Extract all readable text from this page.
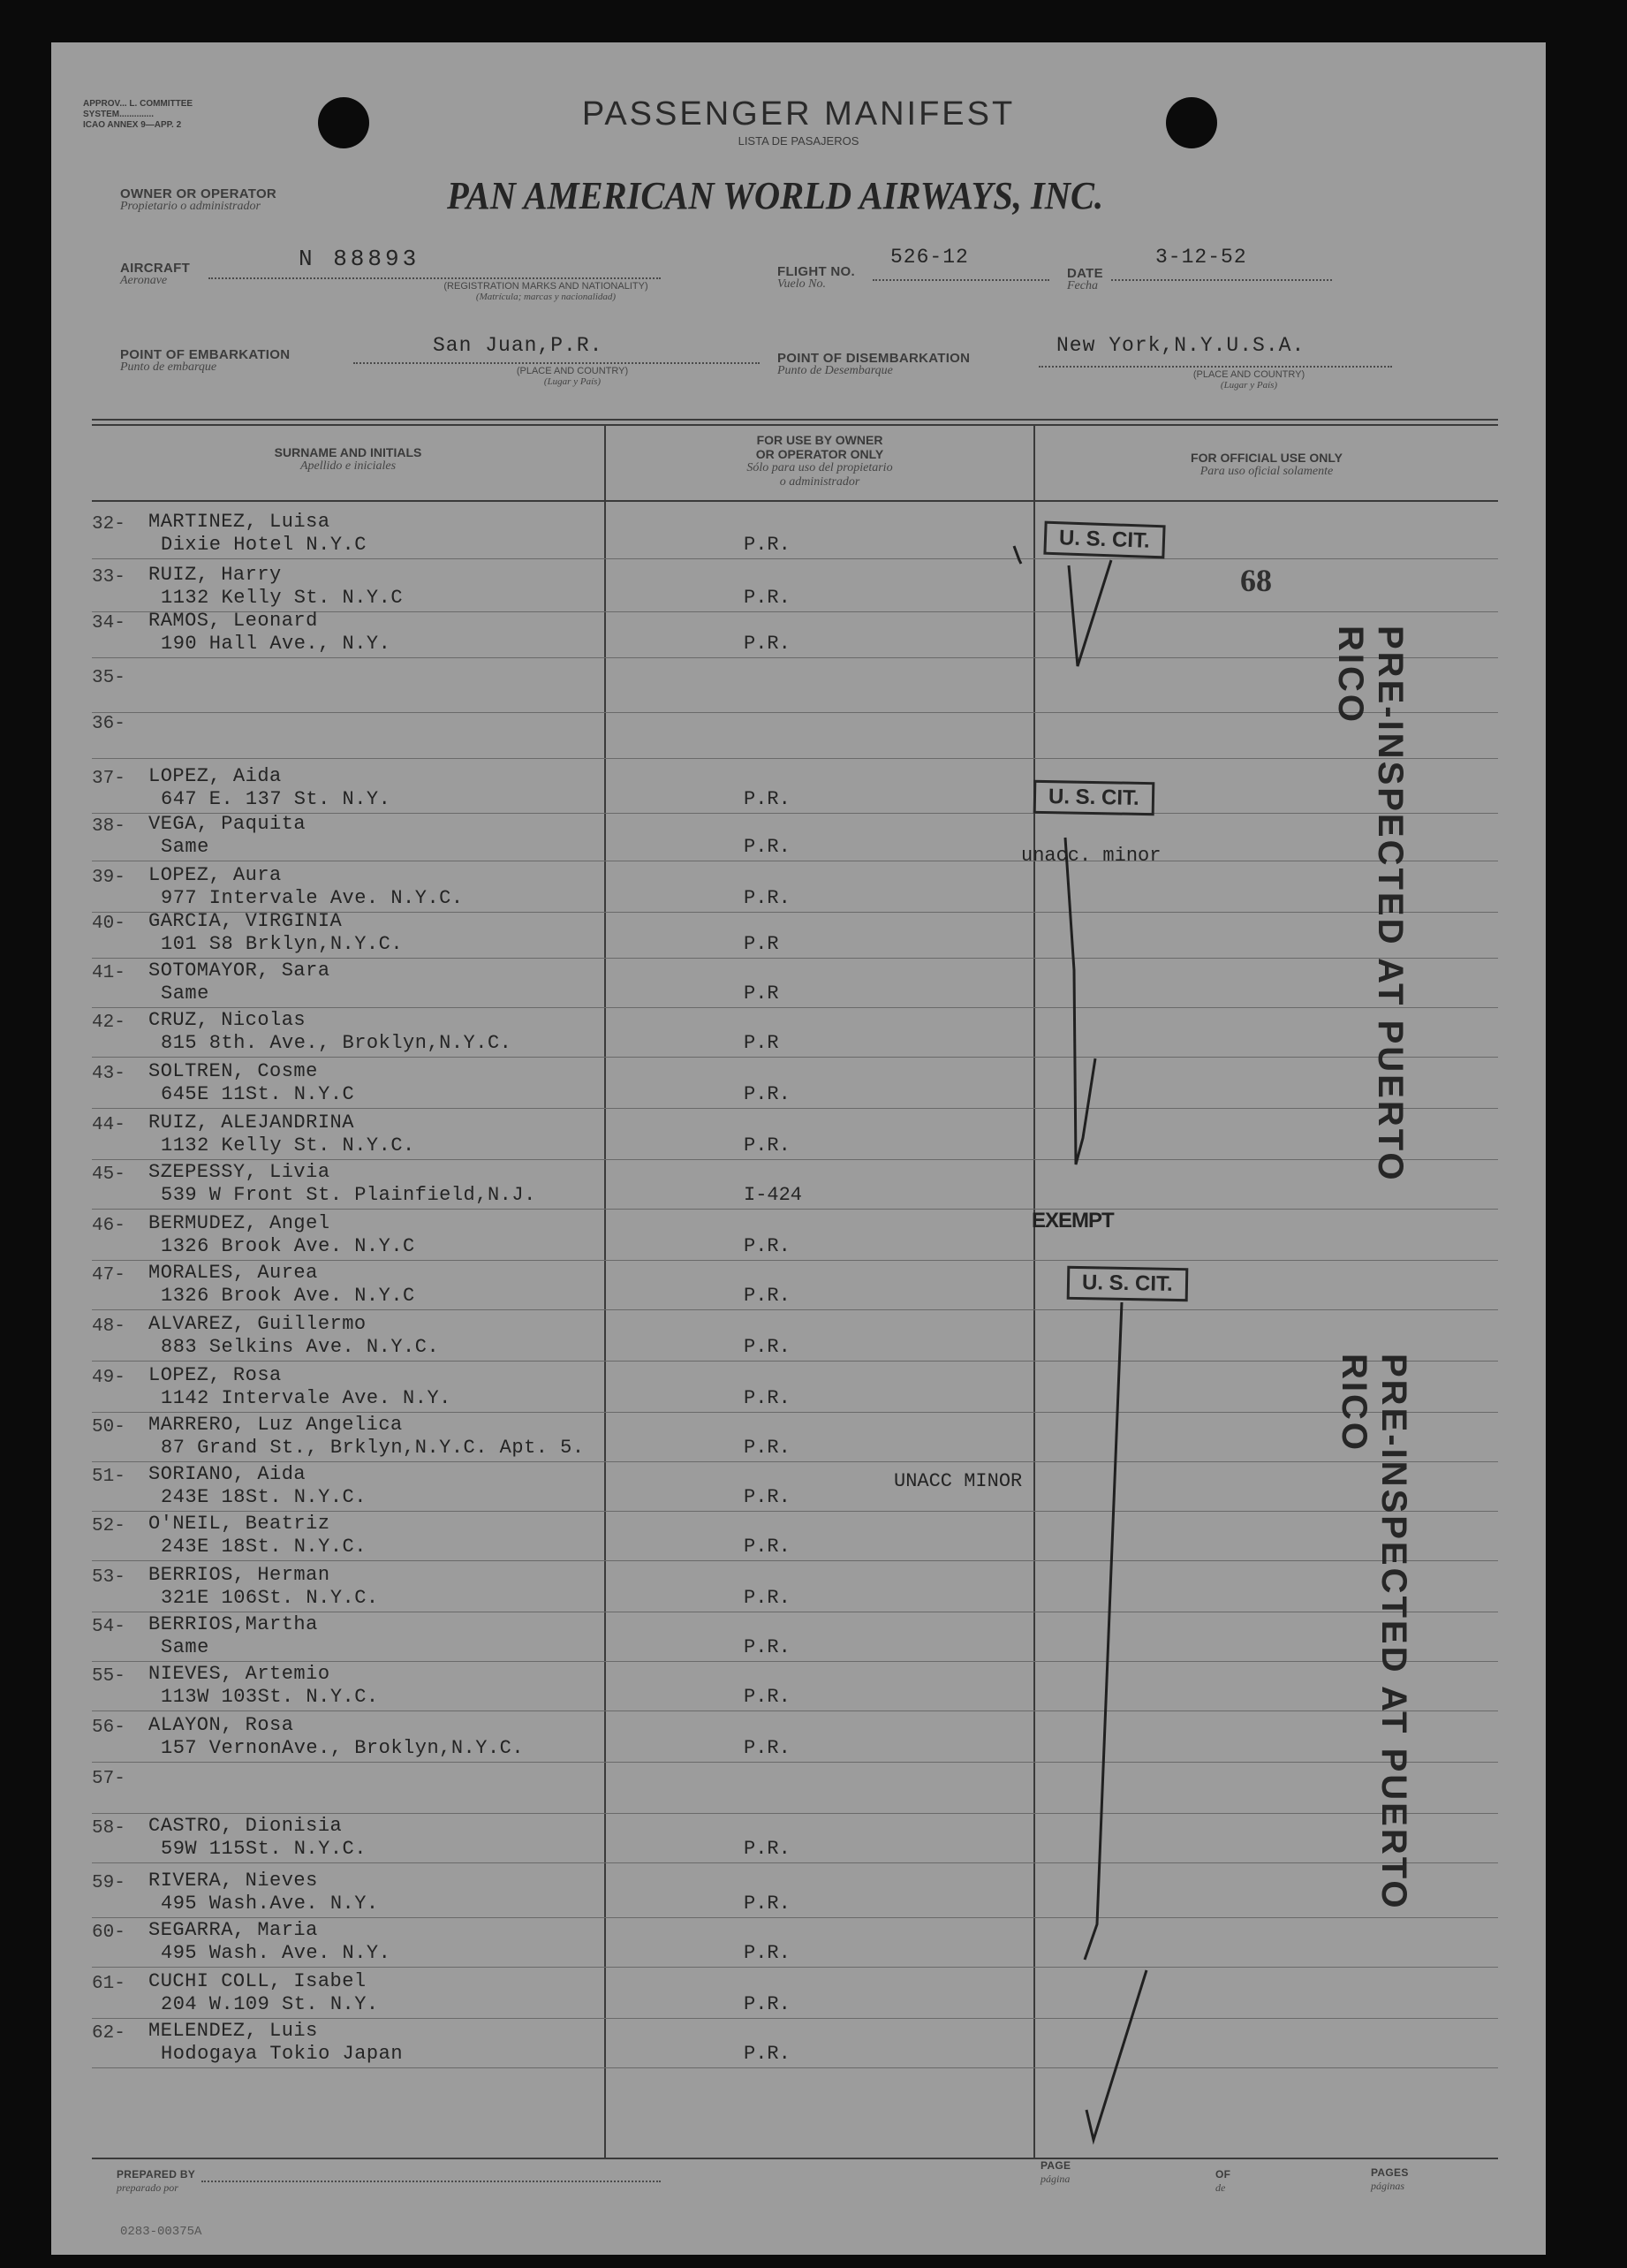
APPROV... L. COMMITTEE
SYSTEM..............
ICAO ANNEX 9—APP. 2	PASSENGER MANIFEST
LISTA DE PASAJEROS
OWNER OR OPERATOR
Propietario o administrador	PAN AMERICAN WORLD AIRWAYS, INC.
AIRCRAFT
Aeronave
N 88893
(REGISTRATION MARKS AND NATIONALITY)
(Matrícula; marcas y nacionalidad)
FLIGHT NO.
Vuelo No.
526-12
DATE
Fecha
3-12-52
POINT OF EMBARKATION
Punto de embarque
San Juan,P.R.
(PLACE AND COUNTRY)
(Lugar y País)
POINT OF DISEMBARKATION
Punto de Desembarque
New York,N.Y.U.S.A.
(PLACE AND COUNTRY)
(Lugar y País)
SURNAME AND INITIALS
Apellido e iniciales
FOR USE BY OWNER
OR OPERATOR ONLY
Sólo para uso del propietario
o administrador
FOR OFFICIAL USE ONLY
Para uso oficial solamente
32- MARTINEZ, Luisa
Dixie Hotel N.Y.C	P.R.
33- RUIZ, Harry
1132 Kelly St. N.Y.C	P.R.
34- RAMOS, Leonard
190 Hall Ave., N.Y.	P.R.
35-
36-
37- LOPEZ, Aida
647 E. 137 St. N.Y.	P.R.
38- VEGA, Paquita
Same	P.R.
39- LOPEZ, Aura
977 Intervale Ave. N.Y.C.	P.R.
40- GARCIA, VIRGINIA
101 S8 Brklyn,N.Y.C.	P.R
41- SOTOMAYOR, Sara
Same	P.R
42- CRUZ, Nicolas
815 8th. Ave., Broklyn,N.Y.C.	P.R
43- SOLTREN, Cosme
645E 11St. N.Y.C	P.R.
44- RUIZ, ALEJANDRINA
1132 Kelly St. N.Y.C.	P.R.
45- SZEPESSY, Livia
539 W Front St. Plainfield,N.J.	I-424
46- BERMUDEZ, Angel
1326 Brook Ave. N.Y.C	P.R.
47- MORALES, Aurea
1326 Brook Ave. N.Y.C	P.R.
48- ALVAREZ, Guillermo
883 Selkins Ave. N.Y.C.	P.R.
49- LOPEZ, Rosa
1142 Intervale Ave. N.Y.	P.R.
50- MARRERO, Luz Angelica
87 Grand St., Brklyn,N.Y.C. Apt. 5.	P.R.
51- SORIANO, Aida
243E 18St. N.Y.C.	P.R.
52- O'NEIL, Beatriz
243E 18St. N.Y.C.	P.R.
53- BERRIOS, Herman
321E 106St. N.Y.C.	P.R.
54- BERRIOS,Martha
Same	P.R.
55- NIEVES, Artemio
113W 103St. N.Y.C.	P.R.
56- ALAYON, Rosa
157 VernonAve., Broklyn,N.Y.C.	P.R.
57-
58- CASTRO, Dionisia
59W 115St. N.Y.C.	P.R.
59- RIVERA, Nieves
495 Wash.Ave. N.Y.	P.R.
60- SEGARRA, Maria
495 Wash. Ave. N.Y.	P.R.
61- CUCHI COLL, Isabel
204 W.109 St. N.Y.	P.R.
62- MELENDEZ, Luis
Hodogaya Tokio Japan	P.R.
68
U. S. CIT.
U. S. CIT.
U. S. CIT.
unacc. minor
UNACC MINOR
EXEMPT
PRE-INSPECTED AT PUERTO RICO
PRE-INSPECTED AT PUERTO RICO
PREPARED BY
preparado por
PAGE
página	OF
de
PAGES
páginas
0283-00375A
